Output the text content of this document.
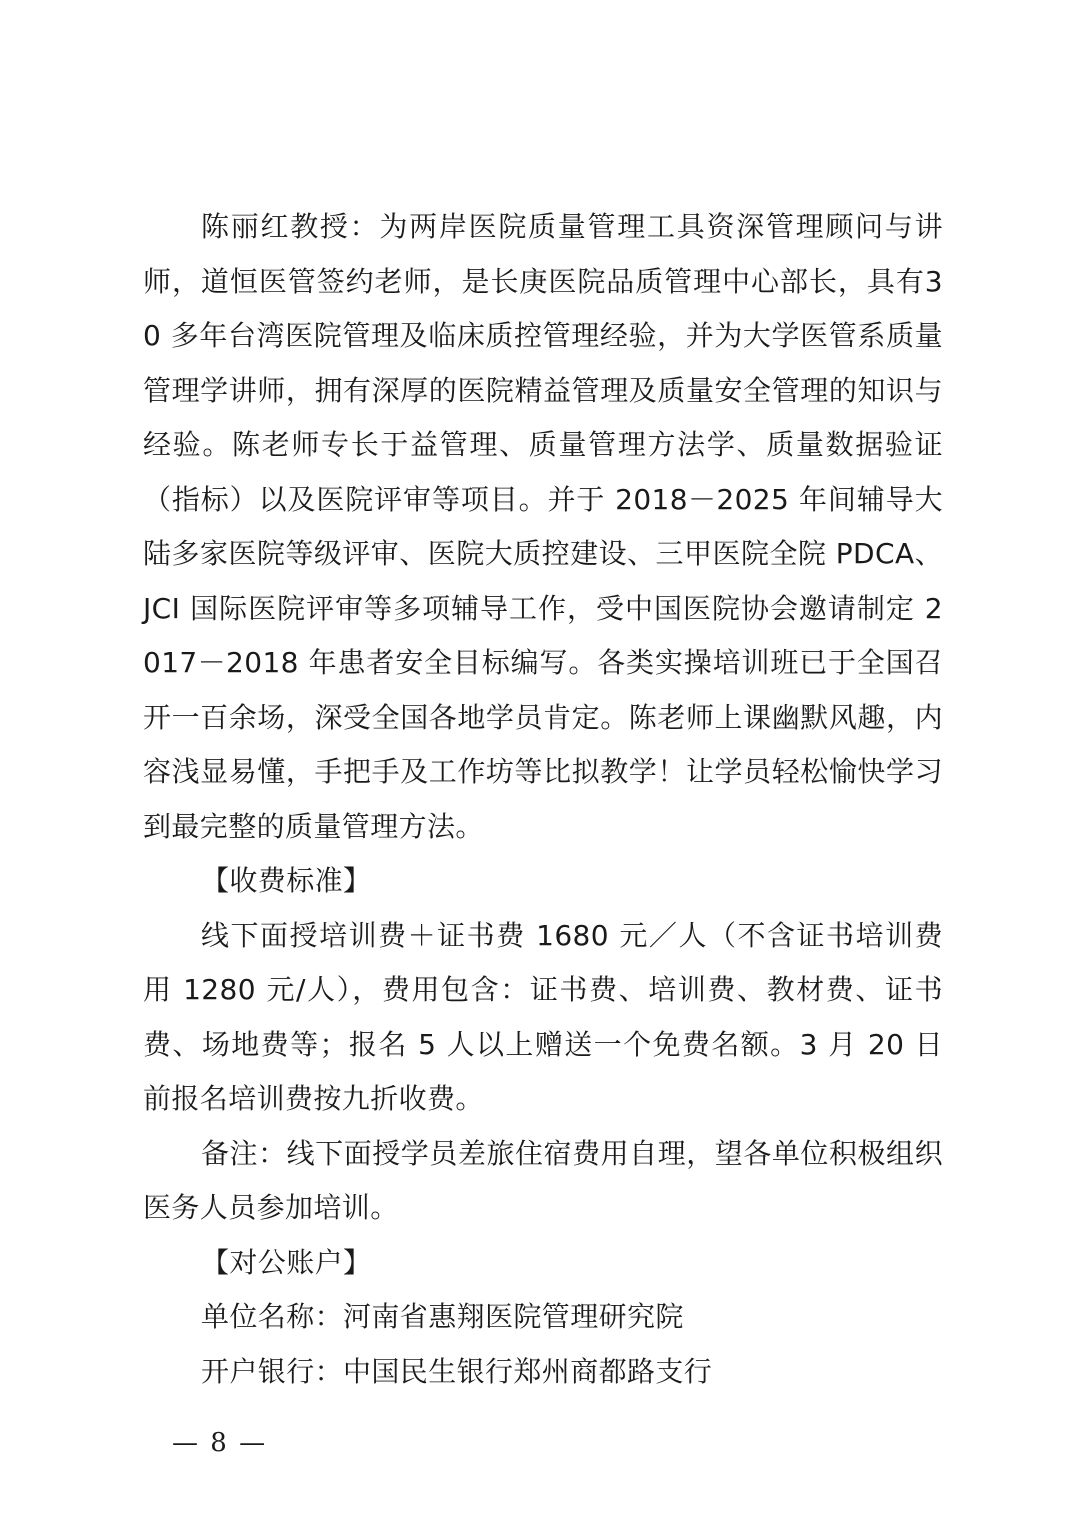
陈丽红教授：为两岸医院质量管理工具资深管理顾问与讲师，道恒医管签约老师，是长庚医院品质管理中心部长，具有30 多年台湾医院管理及临床质控管理经验，并为大学医管系质量管理学讲师，拥有深厚的医院精益管理及质量安全管理的知识与经验。陈老师专长于益管理、质量管理方法学、质量数据验证（指标）以及医院评审等项目。并于 2018－2025 年间辅导大陆多家医院等级评审、医院大质控建设、三甲医院全院 PDCA、JCI 国际医院评审等多项辅导工作，受中国医院协会邀请制定 2017－2018 年患者安全目标编写。各类实操培训班已于全国召开一百余场，深受全国各地学员肯定。陈老师上课幽默风趣，内容浅显易懂，手把手及工作坊等比拟教学！让学员轻松愉快学习到最完整的质量管理方法。

【收费标准】

线下面授培训费＋证书费 1680 元／人（不含证书培训费用 1280 元/人），费用包含：证书费、培训费、教材费、证书费、场地费等；报名 5 人以上赠送一个免费名额。3 月 20 日前报名培训费按九折收费。

备注：线下面授学员差旅住宿费用自理，望各单位积极组织医务人员参加培训。

【对公账户】

单位名称：河南省惠翔医院管理研究院

开户银行：中国民生银行郑州商都路支行

— 8 —
